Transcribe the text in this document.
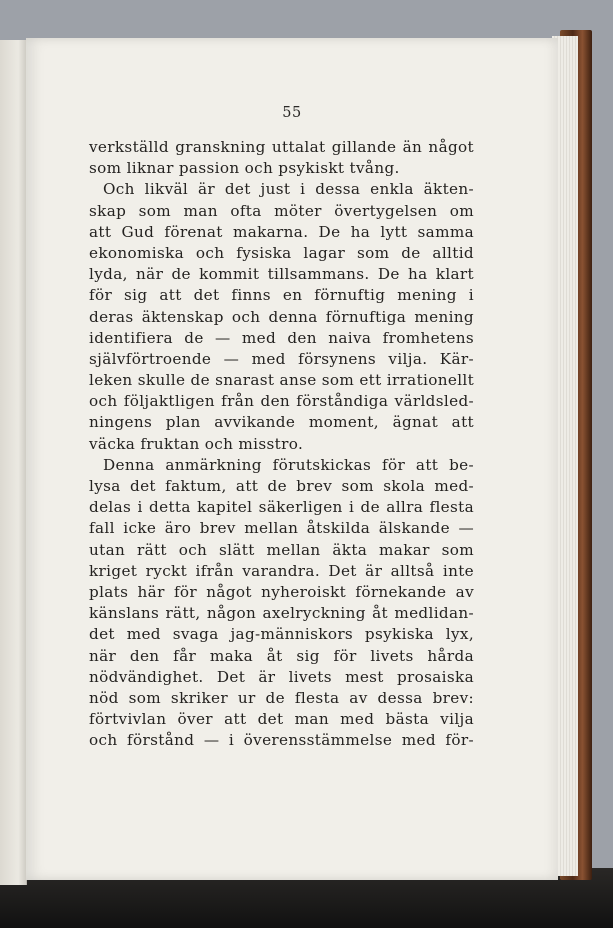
55
verkställd granskning uttalat gillande än något
som liknar passion och psykiskt tvång.
Och likväl är det just i dessa enkla äkten-
skap som man ofta möter övertygelsen om
att Gud förenat makarna. De ha lytt samma
ekonomiska och fysiska lagar som de alltid
lyda, när de kommit tillsammans. De ha klart
för sig att det finns en förnuftig mening i
deras äktenskap och denna förnuftiga mening
identifiera de — med den naiva fromhetens
självförtroende — med försynens vilja. Kär-
leken skulle de snarast anse som ett irrationellt
och följaktligen från den förståndiga världsled-
ningens plan avvikande moment, ägnat att
väcka fruktan och misstro.
Denna anmärkning förutskickas för att be-
lysa det faktum, att de brev som skola med-
delas i detta kapitel säkerligen i de allra flesta
fall icke äro brev mellan åtskilda älskande —
utan rätt och slätt mellan äkta makar som
kriget ryckt ifrån varandra. Det är alltså inte
plats här för något nyheroiskt förnekande av
känslans rätt, någon axelryckning åt medlidan-
det med svaga jag-människors psykiska lyx,
när den får maka åt sig för livets hårda
nödvändighet. Det är livets mest prosaiska
nöd som skriker ur de flesta av dessa brev:
förtvivlan över att det man med bästa vilja
och förstånd — i överensstämmelse med för-
